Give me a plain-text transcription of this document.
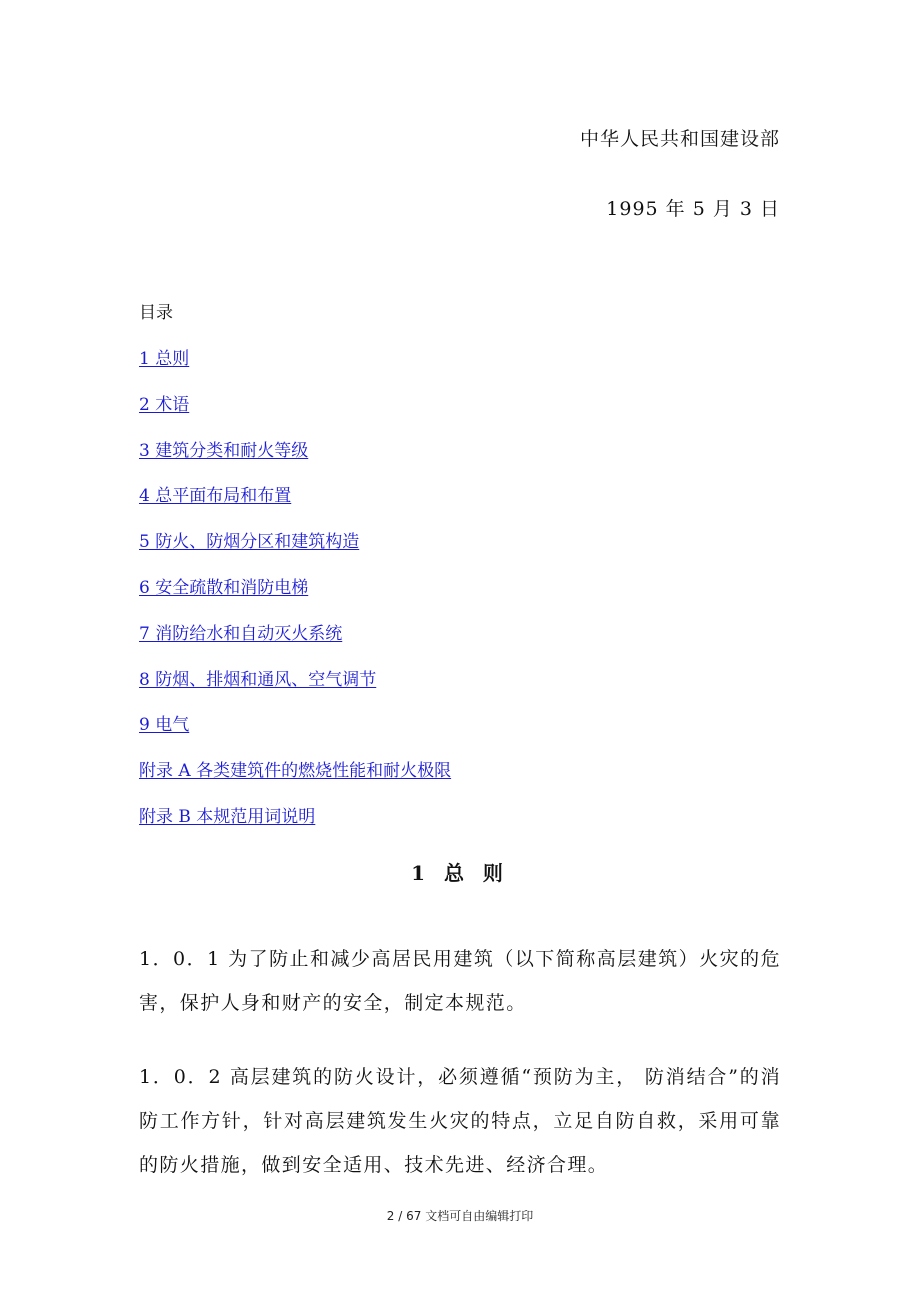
中华人民共和国建设部
1995 年 5 月 3 日
目录
1 总则
2 术语
3 建筑分类和耐火等级
4 总平面布局和布置
5 防火、防烟分区和建筑构造
6 安全疏散和消防电梯
7 消防给水和自动灭火系统
8 防烟、排烟和通风、空气调节
9 电气
附录 A 各类建筑件的燃烧性能和耐火极限
附录 B 本规范用词说明
1 总 则

1．0．1 为了防止和减少高居民用建筑（以下简称高层建筑）火灾的危害，保护人身和财产的安全，制定本规范。

1．0．2 高层建筑的防火设计，必须遵循“预防为主， 防消结合”的消防工作方针，针对高层建筑发生火灾的特点，立足自防自救，采用可靠的防火措施，做到安全适用、技术先进、经济合理。

2 / 67 文档可自由编辑打印
